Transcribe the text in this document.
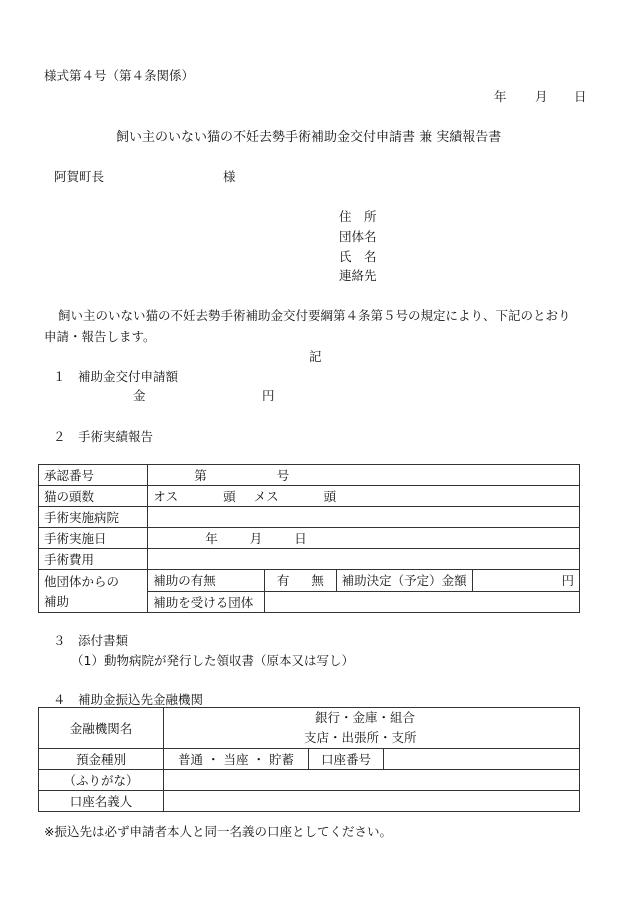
様式第４号（第４条関係）
年 月 日
飼い主のいない猫の不妊去勢手術補助金交付申請書 兼 実績報告書
阿賀町長	様
住　所
団体名
氏　名
連絡先
飼い主のいない猫の不妊去勢手術補助金交付要綱第４条第５号の規定により、下記のとおり
申請・報告します。
記
１　補助金交付申請額
金	円
２　手術実績報告
承認番号	第 号			
猫の頭数	オス 頭 メス 頭			
手術実施病院				
手術実施日	年 月 日			
手術費用				

他団体からの
補助	補助の有無	有 無	補助決定（予定）金額	円
	補助を受ける団体			
３　添付書類
（1）動物病院が発行した領収書（原本又は写し）
４　補助金振込先金融機関
金融機関名	銀行・金庫・組合
支店・出張所・支所		

預金種別	普通 ・ 当座 ・ 貯蓄	口座番号	
（ふりがな）			
口座名義人			
※振込先は必ず申請者本人と同一名義の口座としてください。
